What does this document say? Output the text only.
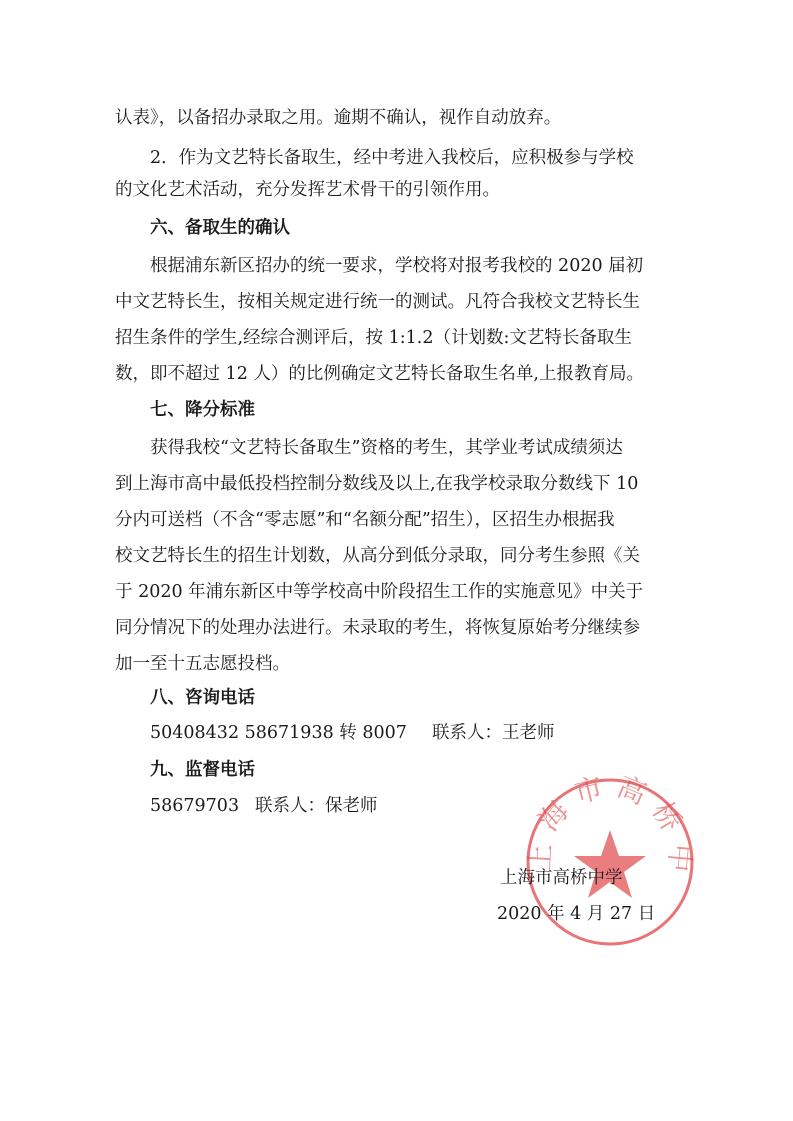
认表》，以备招办录取之用。逾期不确认，视作自动放弃。
2．作为文艺特长备取生，经中考进入我校后，应积极参与学校
的文化艺术活动，充分发挥艺术骨干的引领作用。
六、备取生的确认
根据浦东新区招办的统一要求，学校将对报考我校的 2020 届初
中文艺特长生，按相关规定进行统一的测试。凡符合我校文艺特长生
招生条件的学生,经综合测评后，按 1:1.2（计划数:文艺特长备取生
数，即不超过 12 人）的比例确定文艺特长备取生名单,上报教育局。
七、降分标准
获得我校“文艺特长备取生”资格的考生，其学业考试成绩须达
到上海市高中最低投档控制分数线及以上,在我学校录取分数线下 10
分内可送档（不含“零志愿”和“名额分配”招生），区招生办根据我
校文艺特长生的招生计划数，从高分到低分录取，同分考生参照《关
于 2020 年浦东新区中等学校高中阶段招生工作的实施意见》中关于
同分情况下的处理办法进行。未录取的考生，将恢复原始考分继续参
加一至十五志愿投档。
八、咨询电话
50408432 58671938 转 8007 联系人：王老师
九、监督电话
58679703 联系人：保老师
上海市高桥中
上海市高桥中学
2020 年 4 月 27 日
